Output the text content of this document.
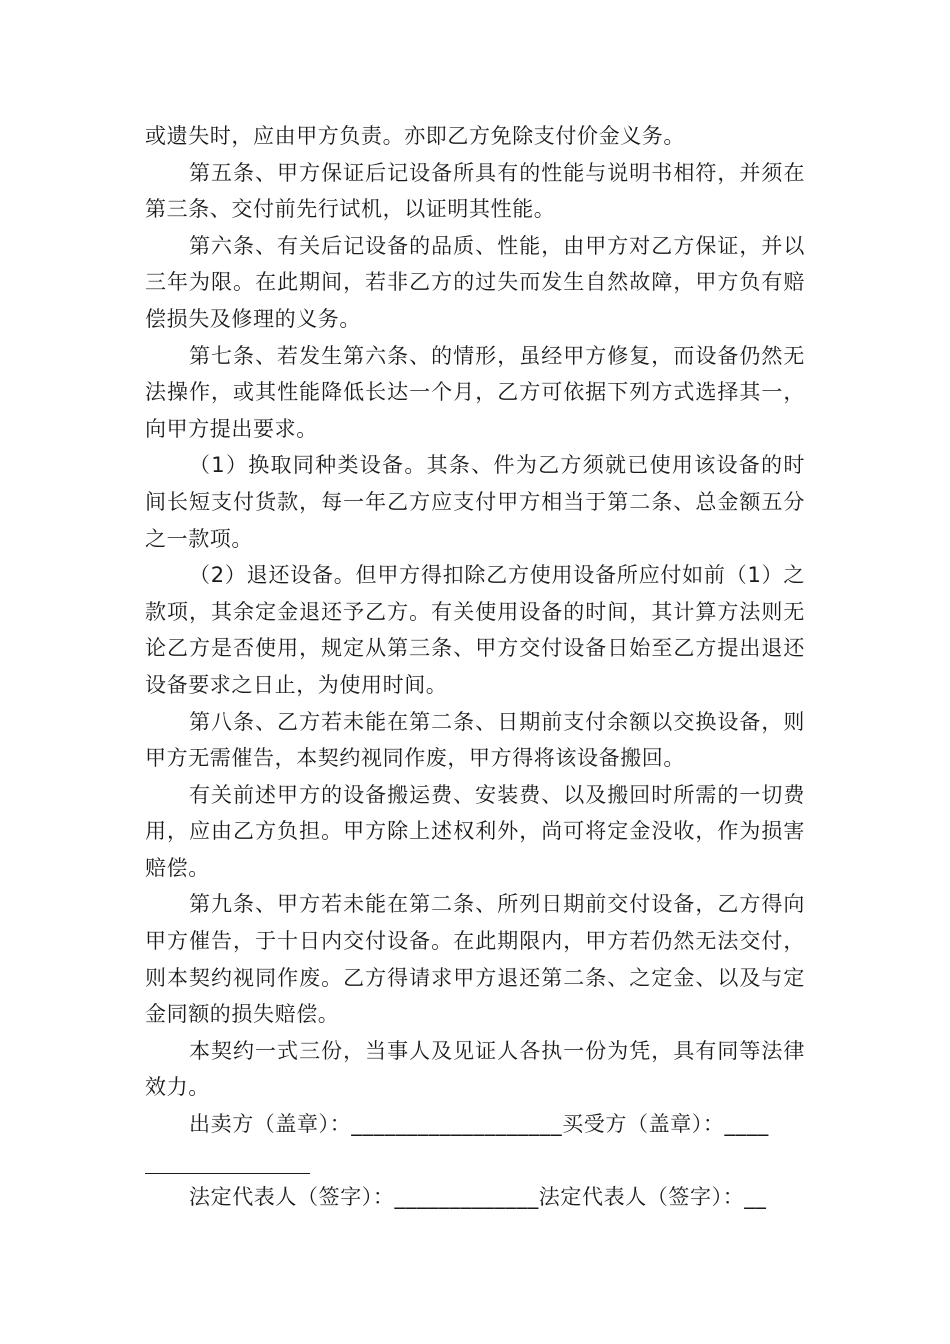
或遗失时，应由甲方负责。亦即乙方免除支付价金义务。

第五条、甲方保证后记设备所具有的性能与说明书相符，并须在第三条、交付前先行试机，以证明其性能。

第六条、有关后记设备的品质、性能，由甲方对乙方保证，并以三年为限。在此期间，若非乙方的过失而发生自然故障，甲方负有赔偿损失及修理的义务。

第七条、若发生第六条、的情形，虽经甲方修复，而设备仍然无法操作，或其性能降低长达一个月，乙方可依据下列方式选择其一，向甲方提出要求。

（1）换取同种类设备。其条、件为乙方须就已使用该设备的时间长短支付货款，每一年乙方应支付甲方相当于第二条、总金额五分之一款项。

（2）退还设备。但甲方得扣除乙方使用设备所应付如前（1）之款项，其余定金退还予乙方。有关使用设备的时间，其计算方法则无论乙方是否使用，规定从第三条、甲方交付设备日始至乙方提出退还设备要求之日止，为使用时间。

第八条、乙方若未能在第二条、日期前支付余额以交换设备，则甲方无需催告，本契约视同作废，甲方得将该设备搬回。

有关前述甲方的设备搬运费、安装费、以及搬回时所需的一切费用，应由乙方负担。甲方除上述权利外，尚可将定金没收，作为损害赔偿。

第九条、甲方若未能在第二条、所列日期前交付设备，乙方得向甲方催告，于十日内交付设备。在此期限内，甲方若仍然无法交付，则本契约视同作废。乙方得请求甲方退还第二条、之定金、以及与定金同额的损失赔偿。

本契约一式三份，当事人及见证人各执一份为凭，具有同等法律效力。

出卖方（盖章）：___________________买受方（盖章）：____

法定代表人（签字）：_____________法定代表人（签字）：__
